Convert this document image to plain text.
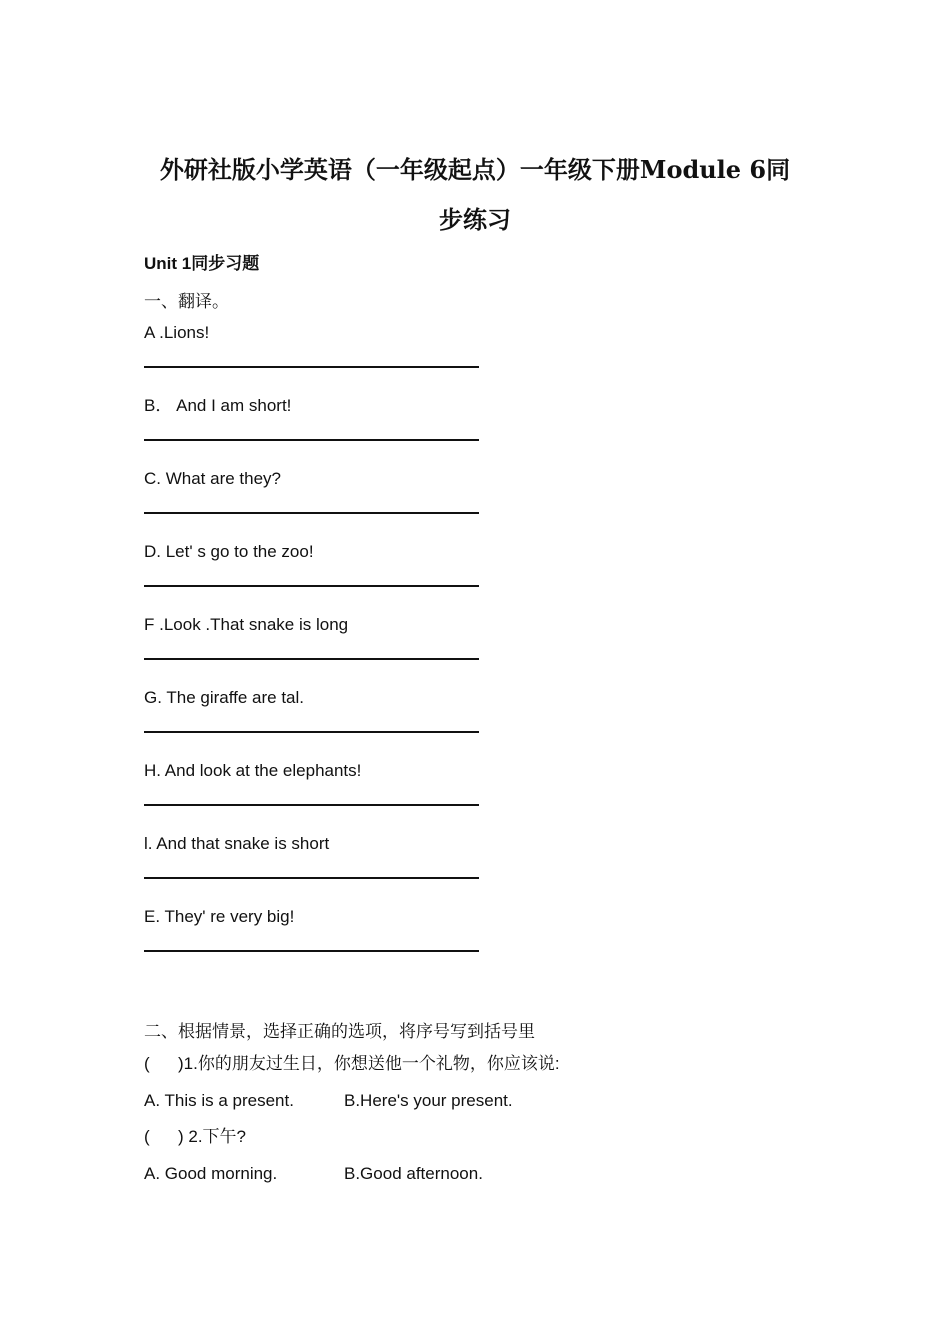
外研社版小学英语（一年级起点）一年级下册Module 6同
步练习
Unit 1同步习题
一、翻译。
A .Lions!
B． And I am short!
C. What are they?
D. Let' s go to the zoo!
F .Look .That snake is long
G. The giraffe are tal.
H. And look at the elephants!
l. And that snake is short
E. They' re very big!
二、根据情景，选择正确的选项，将序号写到括号里
( )1.你的朋友过生日，你想送他一个礼物，你应该说:
A. This is a present.	B.Here's your present.
( ) 2.下午?
A. Good morning.	B.Good afternoon.
